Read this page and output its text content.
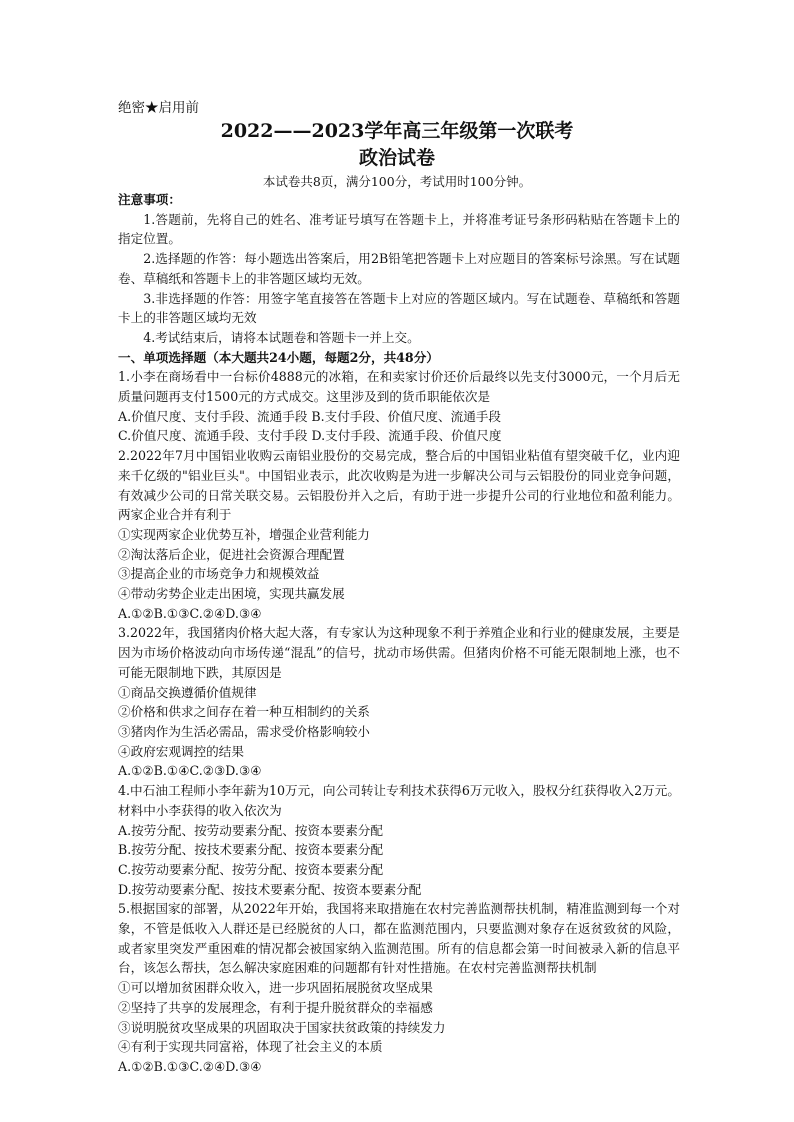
绝密★启用前
2022——2023学年高三年级第一次联考
政治试卷
本试卷共8页，满分100分，考试用时100分钟。

注意事项：

1.答题前，先将自己的姓名、准考证号填写在答题卡上，并将准考证号条形码粘贴在答题卡上的指定位置。

2.选择题的作答：每小题选出答案后，用2B铅笔把答题卡上对应题目的答案标号涂黑。写在试题卷、草稿纸和答题卡上的非答题区域均无效。

3.非选择题的作答：用签字笔直接答在答题卡上对应的答题区域内。写在试题卷、草稿纸和答题卡上的非答题区域均无效

4.考试结束后，请将本试题卷和答题卡一并上交。

一、单项选择题（本大题共24小题，每题2分，共48分）

1.小李在商场看中一台标价4888元的冰箱，在和卖家讨价还价后最终以先支付3000元，一个月后无质量问题再支付1500元的方式成交。这里涉及到的货币职能依次是

A.价值尺度、支付手段、流通手段 B.支付手段、价值尺度、流通手段

C.价值尺度、流通手段、支付手段 D.支付手段、流通手段、价值尺度

2.2022年7月中国铝业收购云南铝业股份的交易完成，整合后的中国铝业粘值有望突破千亿，业内迎来千亿级的"铝业巨头"。中国铝业表示，此次收购是为进一步解决公司与云铝股份的同业竞争问题，有效减少公司的日常关联交易。云铝股份并入之后，有助于进一步提升公司的行业地位和盈利能力。两家企业合并有利于

①实现两家企业优势互补，增强企业营利能力

②淘汰落后企业，促进社会资源合理配置

③提高企业的市场竞争力和规模效益

④带动劣势企业走出困境，实现共赢发展

A.①②B.①③C.②④D.③④

3.2022年，我国猪肉价格大起大落，有专家认为这种现象不利于养殖企业和行业的健康发展，主要是因为市场价格波动向市场传递“混乱”的信号，扰动市场供需。但猪肉价格不可能无限制地上涨，也不可能无限制地下跌，其原因是

①商品交换遵循价值规律

②价格和供求之间存在着一种互相制约的关系

③猪肉作为生活必需品，需求受价格影响较小

④政府宏观调控的结果

A.①②B.①④C.②③D.③④

4.中石油工程师小李年薪为10万元，向公司转让专利技术获得6万元收入，股权分红获得收入2万元。材料中小李获得的收入依次为

A.按劳分配、按劳动要素分配、按资本要素分配

B.按劳分配、按技术要素分配、按资本要素分配

C.按劳动要素分配、按劳分配、按资本要素分配

D.按劳动要素分配、按技术要素分配、按资本要素分配

5.根据国家的部署，从2022年开始，我国将来取措施在农村完善监测帮扶机制，精准监测到每一个对象，不管是低收入人群还是已经脱贫的人口，都在监测范围内，只要监测对象存在返贫致贫的风险，或者家里突发严重困难的情况都会被国家纳入监测范围。所有的信息都会第一时间被录入新的信息平台，该怎么帮扶，怎么解决家庭困难的问题都有针对性措施。在农村完善监测帮扶机制

①可以增加贫困群众收入，进一步巩固拓展脱贫攻坚成果

②坚持了共享的发展理念，有利于提升脱贫群众的幸福感

③说明脱贫攻坚成果的巩固取决于国家扶贫政策的持续发力

④有利于实现共同富裕，体现了社会主义的本质

A.①②B.①③C.②④D.③④
